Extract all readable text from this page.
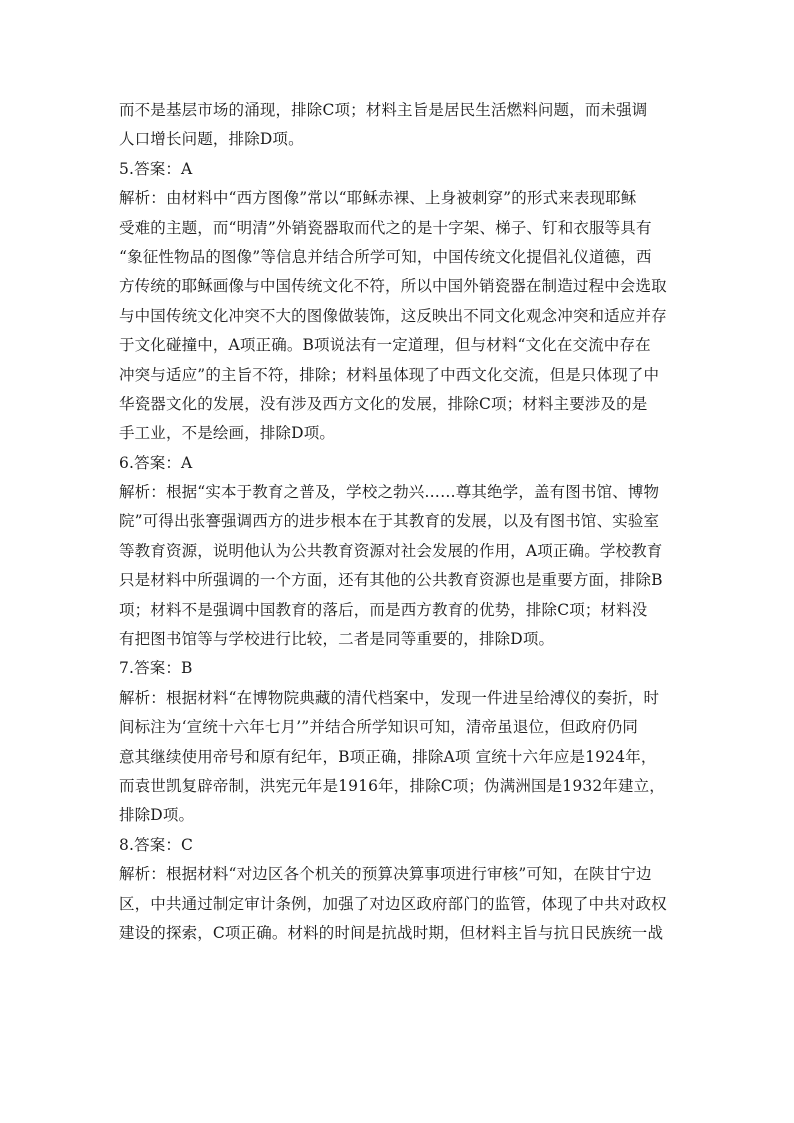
而不是基层市场的涌现，排除C项；材料主旨是居民生活燃料问题，而未强调
人口增长问题，排除D项。
5.答案：A
解析：由材料中“西方图像”常以“耶稣赤裸、上身被刺穿”的形式来表现耶稣
受难的主题，而“明清”外销瓷器取而代之的是十字架、梯子、钉和衣服等具有
“象征性物品的图像”等信息并结合所学可知，中国传统文化提倡礼仪道德，西
方传统的耶稣画像与中国传统文化不符，所以中国外销瓷器在制造过程中会选取
与中国传统文化冲突不大的图像做装饰，这反映出不同文化观念冲突和适应并存
于文化碰撞中，A项正确。B项说法有一定道理，但与材料“文化在交流中存在
冲突与适应”的主旨不符，排除；材料虽体现了中西文化交流，但是只体现了中
华瓷器文化的发展，没有涉及西方文化的发展，排除C项；材料主要涉及的是
手工业，不是绘画，排除D项。
6.答案：A
解析：根据“实本于教育之普及，学校之勃兴……尊其绝学，盖有图书馆、博物
院”可得出张謇强调西方的进步根本在于其教育的发展，以及有图书馆、实验室
等教育资源，说明他认为公共教育资源对社会发展的作用，A项正确。学校教育
只是材料中所强调的一个方面，还有其他的公共教育资源也是重要方面，排除B
项；材料不是强调中国教育的落后，而是西方教育的优势，排除C项；材料没
有把图书馆等与学校进行比较，二者是同等重要的，排除D项。
7.答案：B
解析：根据材料“在博物院典藏的清代档案中，发现一件进呈给溥仪的奏折，时
间标注为‘宣统十六年七月’”并结合所学知识可知，清帝虽退位，但政府仍同
意其继续使用帝号和原有纪年，B项正确，排除A项 宣统十六年应是1924年，
而袁世凯复辟帝制，洪宪元年是1916年，排除C项；伪满洲国是1932年建立，
排除D项。
8.答案：C
解析：根据材料“对边区各个机关的预算决算事项进行审核”可知，在陕甘宁边
区，中共通过制定审计条例，加强了对边区政府部门的监管，体现了中共对政权
建设的探索，C项正确。材料的时间是抗战时期，但材料主旨与抗日民族统一战
